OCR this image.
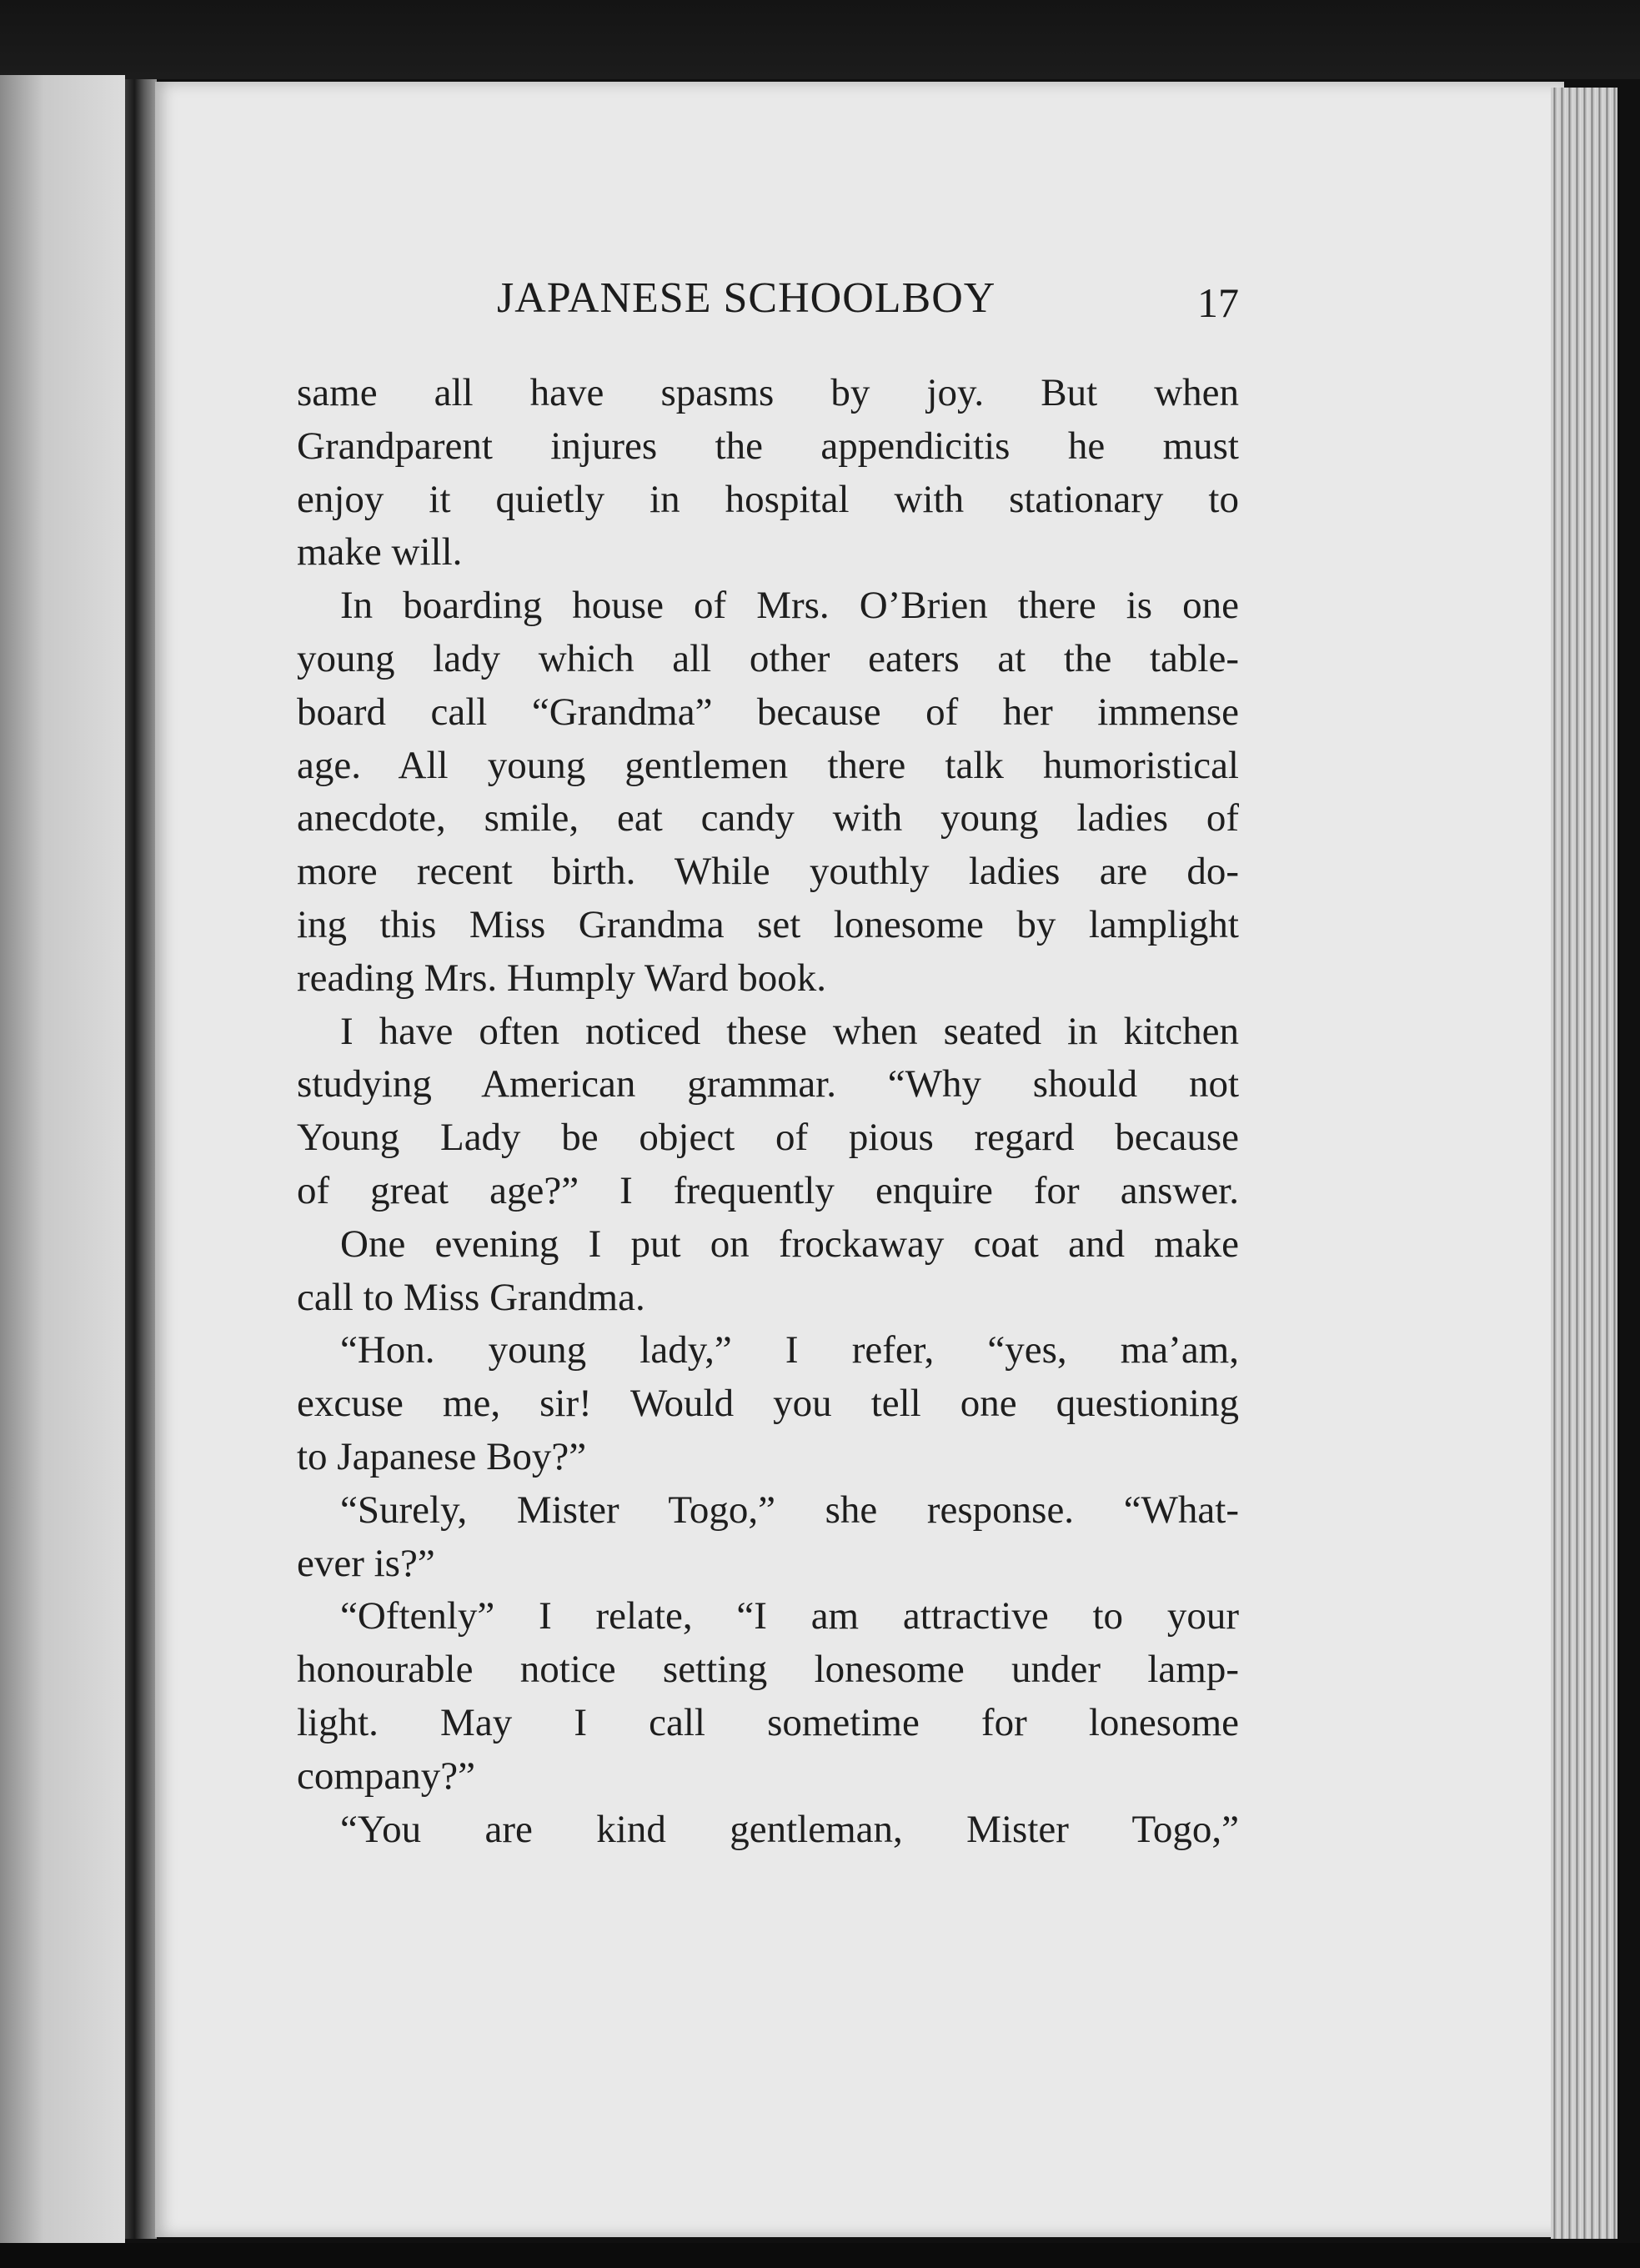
JAPANESE SCHOOLBOY	17
same all have spasms by joy. But when
Grandparent injures the appendicitis he must
enjoy it quietly in hospital with stationary to
make will.
In boarding house of Mrs. O’Brien there is one
young lady which all other eaters at the table-
board call “Grandma” because of her immense
age. All young gentlemen there talk humoristical
anecdote, smile, eat candy with young ladies of
more recent birth. While youthly ladies are do-
ing this Miss Grandma set lonesome by lamplight
reading Mrs. Humply Ward book.
I have often noticed these when seated in kitchen
studying American grammar. “Why should not
Young Lady be object of pious regard because
of great age?” I frequently enquire for answer.
One evening I put on frockaway coat and make
call to Miss Grandma.
“Hon. young lady,” I refer, “yes, ma’am,
excuse me, sir! Would you tell one questioning
to Japanese Boy?”
“Surely, Mister Togo,” she response. “What-
ever is?”
“Oftenly” I relate, “I am attractive to your
honourable notice setting lonesome under lamp-
light. May I call sometime for lonesome
company?”
“You are kind gentleman, Mister Togo,”
